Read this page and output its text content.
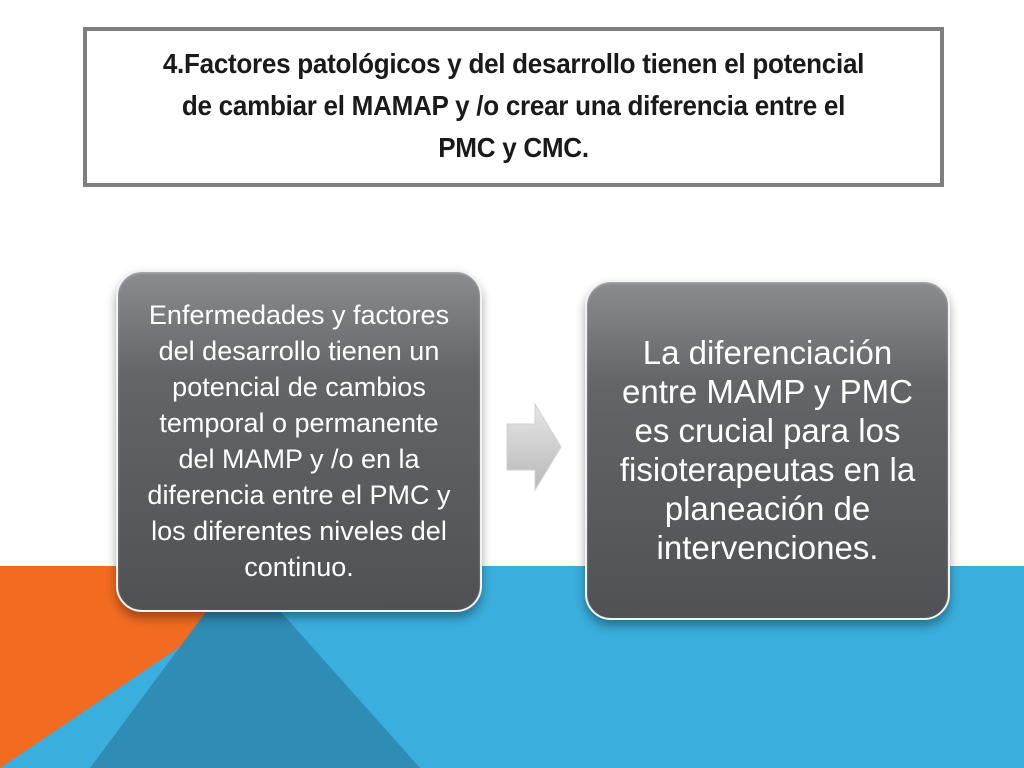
4.Factores patológicos y del desarrollo tienen el potencial
de cambiar el MAMAP y /o crear una diferencia entre el
PMC y CMC.

Enfermedades y factores del desarrollo tienen un potencial de cambios temporal o permanente del MAMP y /o en la diferencia entre el PMC y los diferentes niveles del continuo.
La diferenciación entre MAMP y PMC es crucial para los fisioterapeutas en la planeación de intervenciones.
